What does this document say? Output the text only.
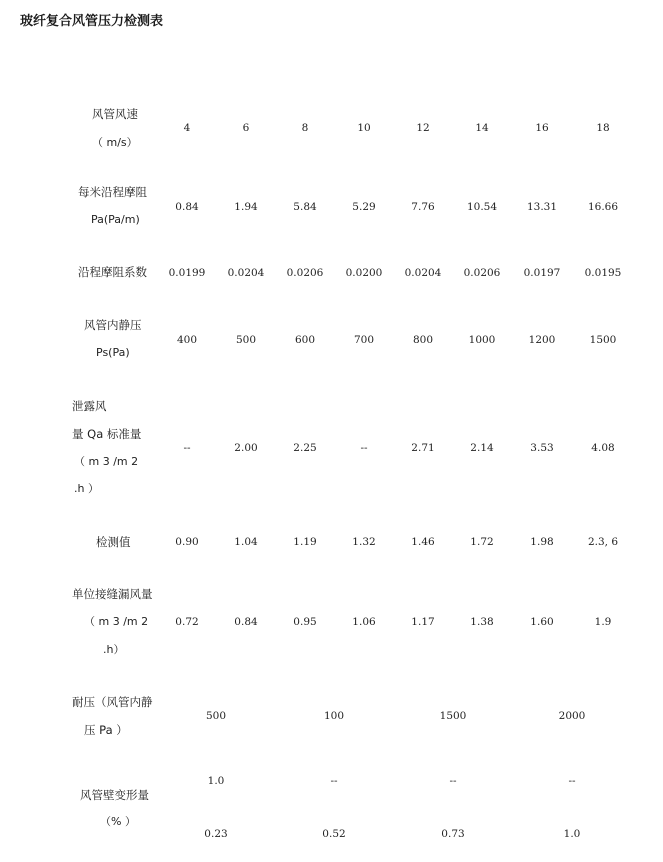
玻纤复合风管压力检测表
风管风速
（ m/s）
4	6	8	10	12	14	16	18
每米沿程摩阻
Pa(Pa/m)
0.84	1.94	5.84	5.29	7.76	10.54	13.31	16.66
沿程摩阻系数 0.0199 0.0204 0.0206 0.0200 0.0204 0.0206 0.0197 0.0195
风管内静压
Ps(Pa)
400	500	600	700	800	1000	1200	1500
泄露风
量 Qa 标准量
（ m 3 /m 2
.h ）
--	2.00	2.25	--	2.71	2.14	3.53	4.08
检测值	0.90	1.04	1.19	1.32	1.46	1.72	1.98	2.3, 6
单位接缝漏风量
（ m 3 /m 2
.h）
0.72	0.84	0.95	1.06	1.17	1.38	1.60	1.9
耐压（风管内静
压 Pa ）
500	100	1500	2000
风管壁变形量
（% ）
1.0	--	--	--
0.23	0.52	0.73	1.0
